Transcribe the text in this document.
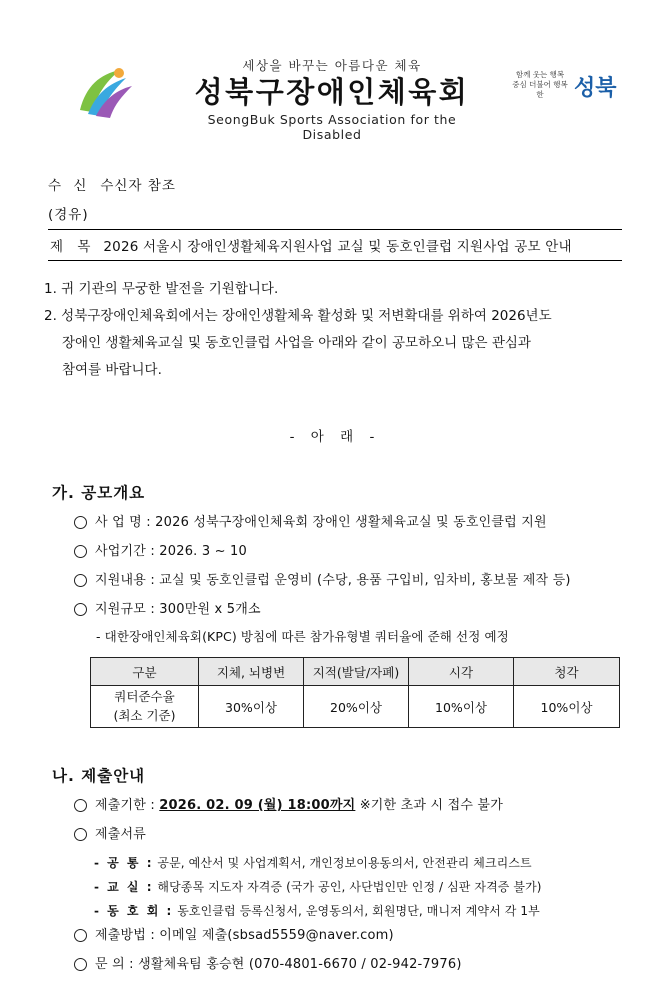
세상을 바꾸는 아름다운 체육
성북구장애인체육회
SeongBuk Sports Association for the Disabled
함께 웃는 행복 중심 더불어 행복한	성북
수 신 수신자 참조
(경유)
제 목 2026 서울시 장애인생활체육지원사업 교실 및 동호인클럽 지원사업 공모 안내
1. 귀 기관의 무궁한 발전을 기원합니다.
2. 성북구장애인체육회에서는 장애인생활체육 활성화 및 저변확대를 위하여 2026년도
장애인 생활체육교실 및 동호인클럽 사업을 아래와 같이 공모하오니 많은 관심과
참여를 바랍니다.
- 아 래 -
가. 공모개요
사 업 명 : 2026 성북구장애인체육회 장애인 생활체육교실 및 동호인클럽 지원
사업기간 : 2026. 3 ~ 10
지원내용 : 교실 및 동호인클럽 운영비 (수당, 용품 구입비, 임차비, 홍보물 제작 등)
지원규모 : 300만원 x 5개소
- 대한장애인체육회(KPC) 방침에 따른 참가유형별 쿼터율에 준해 선정 예정
구분	지체, 뇌병변	지적(발달/자폐)	시각	청각

쿼터준수율
(최소 기준)	30%이상	20%이상	10%이상	10%이상
나. 제출안내
제출기한 : 2026. 02. 09 (월) 18:00까지 ※기한 초과 시 접수 불가
제출서류
- 공 통 : 공문, 예산서 및 사업계획서, 개인정보이용동의서, 안전관리 체크리스트
- 교 실 : 해당종목 지도자 자격증 (국가 공인, 사단법인만 인정 / 심판 자격증 불가)
- 동 호 회 : 동호인클럽 등록신청서, 운영동의서, 회원명단, 매니저 계약서 각 1부
제출방법 : 이메일 제출(sbsad5559@naver.com)
문 의 : 생활체육팀 홍승현 (070-4801-6670 / 02-942-7976)
